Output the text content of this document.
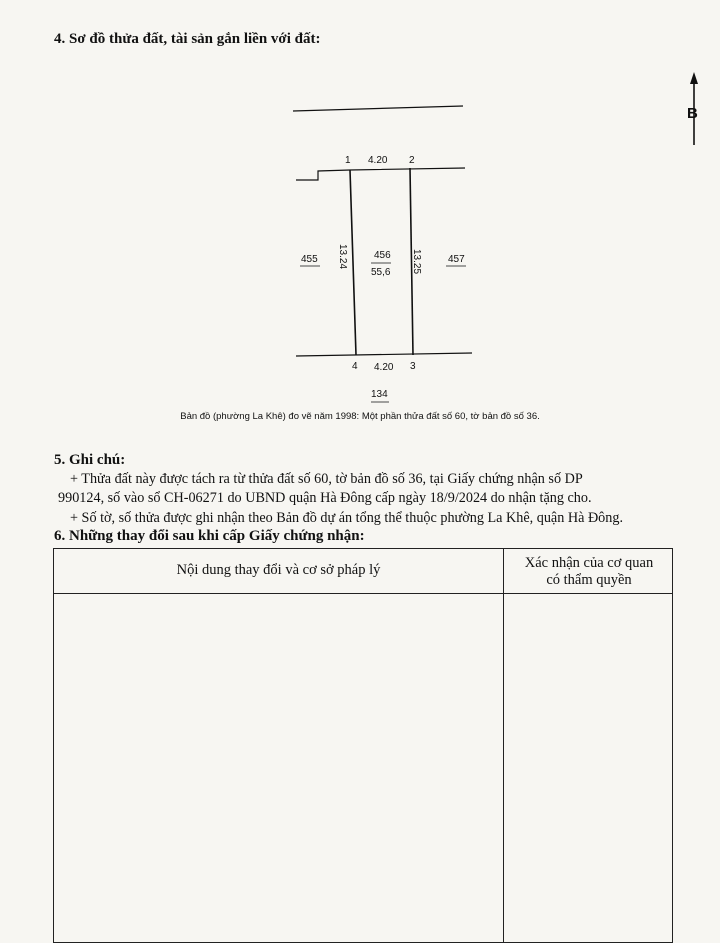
4. Sơ đồ thửa đất, tài sản gắn liền với đất:
B
1	2
3
4
4.20
4.20
13.24	13.25
456
55,6
455	457
134
Bản đồ (phường La Khê) đo vẽ năm 1998: Một phần thửa đất số 60, tờ bản đồ số 36.
5. Ghi chú:
+ Thửa đất này được tách ra từ thửa đất số 60, tờ bản đồ số 36, tại Giấy chứng nhận số DP
990124, số vào sổ CH-06271 do UBND quận Hà Đông cấp ngày 18/9/2024 do nhận tặng cho.
+ Số tờ, số thửa được ghi nhận theo Bản đồ dự án tổng thể thuộc phường La Khê, quận Hà Đông.
6. Những thay đổi sau khi cấp Giấy chứng nhận:
Nội dung thay đổi và cơ sở pháp lý	Xác nhận của cơ quan
có thẩm quyền
